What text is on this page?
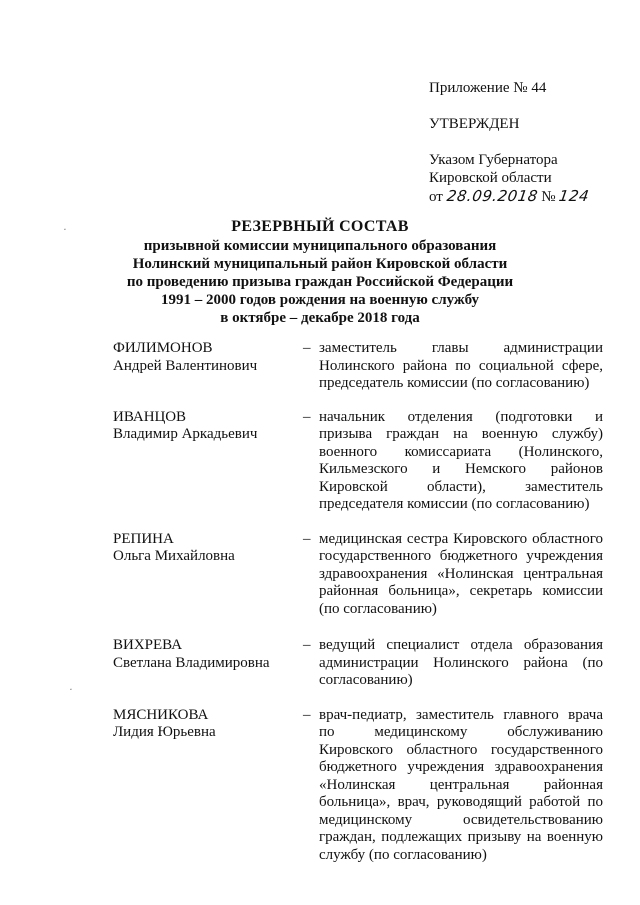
Приложение № 44
УТВЕРЖДЕН
Указом Губернатора
Кировской области
от 28.09.2018 № 124
РЕЗЕРВНЫЙ СОСТАВ
призывной комиссии муниципального образования
Нолинский муниципальный район Кировской области
по проведению призыва граждан Российской Федерации
1991 – 2000 годов рождения на военную службу
в октябре – декабре 2018 года
ФИЛИМОНОВ
Андрей Валентинович
– заместитель главы администрации Нолинского района по социальной сфере, председатель комиссии (по согласованию)
ИВАНЦОВ
Владимир Аркадьевич
– начальник отделения (подготовки и призыва граждан на военную службу) военного комиссариата (Нолинского, Кильмезского и Немского районов Кировской области), заместитель председателя комиссии (по согласованию)
РЕПИНА
Ольга Михайловна
– медицинская сестра Кировского областного государственного бюджетного учреждения здравоохранения «Нолинская центральная районная больница», секретарь комиссии (по согласованию)
ВИХРЕВА
Светлана Владимировна
– ведущий специалист отдела образования администрации Нолинского района (по согласованию)
МЯСНИКОВА
Лидия Юрьевна
– врач-педиатр, заместитель главного врача по медицинскому обслуживанию Кировского областного государственного бюджетного учреждения здравоохранения «Нолинская центральная районная больница», врач, руководящий работой по медицинскому освидетельствованию граждан, подлежащих призыву на военную службу (по согласованию)
˙
˙
